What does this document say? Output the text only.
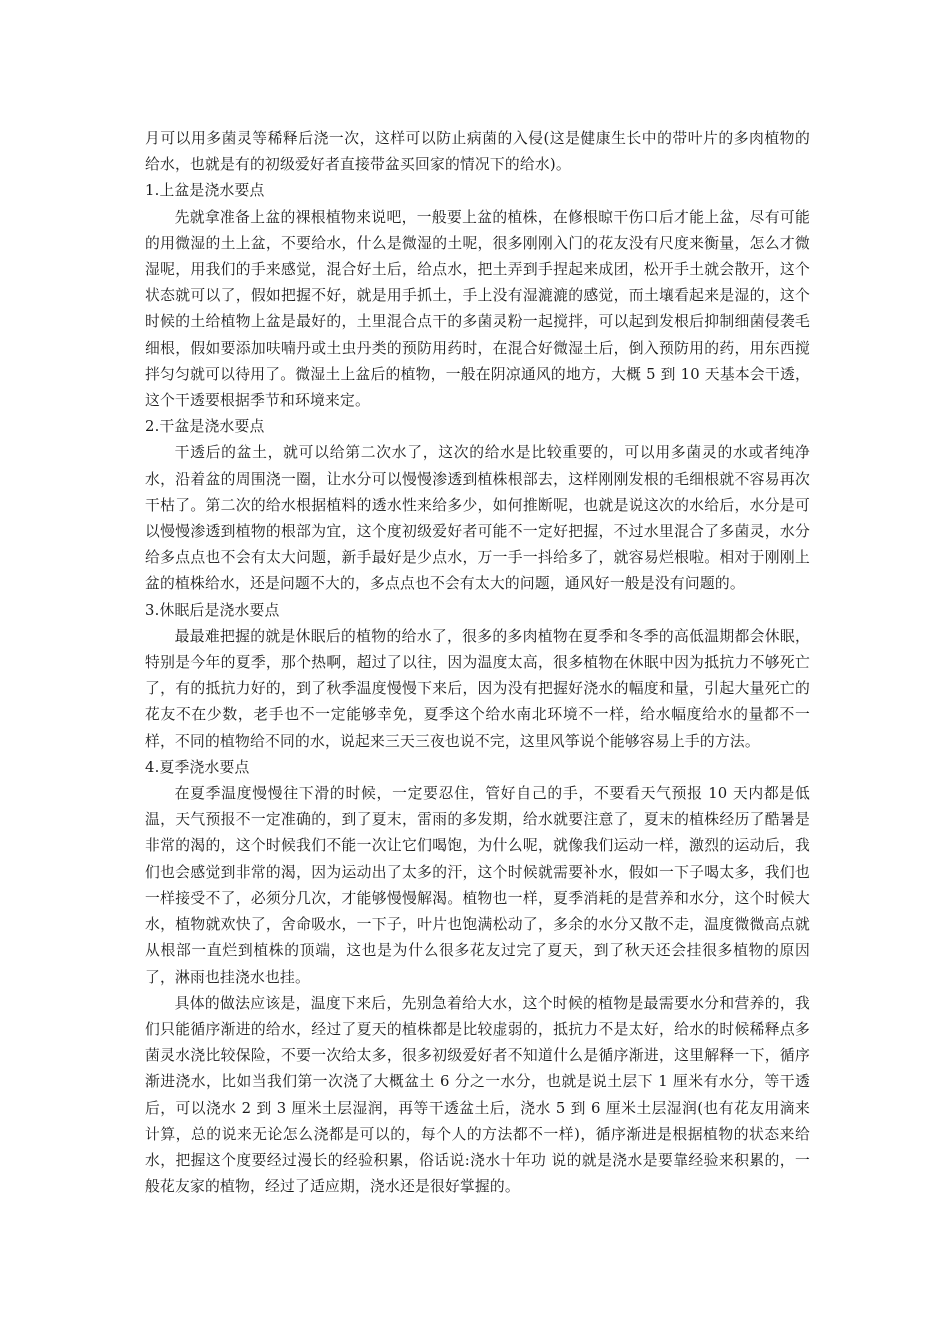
月可以用多菌灵等稀释后浇一次，这样可以防止病菌的入侵(这是健康生长中的带叶片的多肉植物的给水，也就是有的初级爱好者直接带盆买回家的情况下的给水)。

1.上盆是浇水要点

先就拿准备上盆的裸根植物来说吧，一般要上盆的植株，在修根晾干伤口后才能上盆，尽有可能的用微湿的土上盆，不要给水，什么是微湿的土呢，很多刚刚入门的花友没有尺度来衡量，怎么才微湿呢，用我们的手来感觉，混合好土后，给点水，把土弄到手捏起来成团，松开手土就会散开，这个状态就可以了，假如把握不好，就是用手抓土，手上没有湿漉漉的感觉，而土壤看起来是湿的，这个时候的土给植物上盆是最好的，土里混合点干的多菌灵粉一起搅拌，可以起到发根后抑制细菌侵袭毛细根，假如要添加呋喃丹或土虫丹类的预防用药时，在混合好微湿土后，倒入预防用的药，用东西搅拌匀匀就可以待用了。微湿土上盆后的植物，一般在阴凉通风的地方，大概 5 到 10 天基本会干透，这个干透要根据季节和环境来定。

2.干盆是浇水要点

干透后的盆土，就可以给第二次水了，这次的给水是比较重要的，可以用多菌灵的水或者纯净水，沿着盆的周围浇一圈，让水分可以慢慢渗透到植株根部去，这样刚刚发根的毛细根就不容易再次干枯了。第二次的给水根据植料的透水性来给多少，如何推断呢，也就是说这次的水给后，水分是可以慢慢渗透到植物的根部为宜，这个度初级爱好者可能不一定好把握，不过水里混合了多菌灵，水分给多点点也不会有太大问题，新手最好是少点水，万一手一抖给多了，就容易烂根啦。相对于刚刚上盆的植株给水，还是问题不大的，多点点也不会有太大的问题，通风好一般是没有问题的。

3.休眠后是浇水要点

最最难把握的就是休眠后的植物的给水了，很多的多肉植物在夏季和冬季的高低温期都会休眠，特别是今年的夏季，那个热啊，超过了以往，因为温度太高，很多植物在休眠中因为抵抗力不够死亡了，有的抵抗力好的，到了秋季温度慢慢下来后，因为没有把握好浇水的幅度和量，引起大量死亡的花友不在少数，老手也不一定能够幸免，夏季这个给水南北环境不一样，给水幅度给水的量都不一样，不同的植物给不同的水，说起来三天三夜也说不完，这里风筝说个能够容易上手的方法。

4.夏季浇水要点

在夏季温度慢慢往下滑的时候，一定要忍住，管好自己的手，不要看天气预报 10 天内都是低温，天气预报不一定准确的，到了夏末，雷雨的多发期，给水就要注意了，夏末的植株经历了酷暑是非常的渴的，这个时候我们不能一次让它们喝饱，为什么呢，就像我们运动一样，激烈的运动后，我们也会感觉到非常的渴，因为运动出了太多的汗，这个时候就需要补水，假如一下子喝太多，我们也一样接受不了，必须分几次，才能够慢慢解渴。植物也一样，夏季消耗的是营养和水分，这个时候大水，植物就欢快了，舍命吸水，一下子，叶片也饱满松动了，多余的水分又散不走，温度微微高点就从根部一直烂到植株的顶端，这也是为什么很多花友过完了夏天，到了秋天还会挂很多植物的原因了，淋雨也挂浇水也挂。

具体的做法应该是，温度下来后，先别急着给大水，这个时候的植物是最需要水分和营养的，我们只能循序渐进的给水，经过了夏天的植株都是比较虚弱的，抵抗力不是太好，给水的时候稀释点多菌灵水浇比较保险，不要一次给太多，很多初级爱好者不知道什么是循序渐进，这里解释一下，循序渐进浇水，比如当我们第一次浇了大概盆土 6 分之一水分，也就是说土层下 1 厘米有水分，等干透后，可以浇水 2 到 3 厘米土层湿润，再等干透盆土后，浇水 5 到 6 厘米土层湿润(也有花友用滴来计算，总的说来无论怎么浇都是可以的，每个人的方法都不一样)，循序渐进是根据植物的状态来给水，把握这个度要经过漫长的经验积累，俗话说:浇水十年功 说的就是浇水是要靠经验来积累的，一般花友家的植物，经过了适应期，浇水还是很好掌握的。
